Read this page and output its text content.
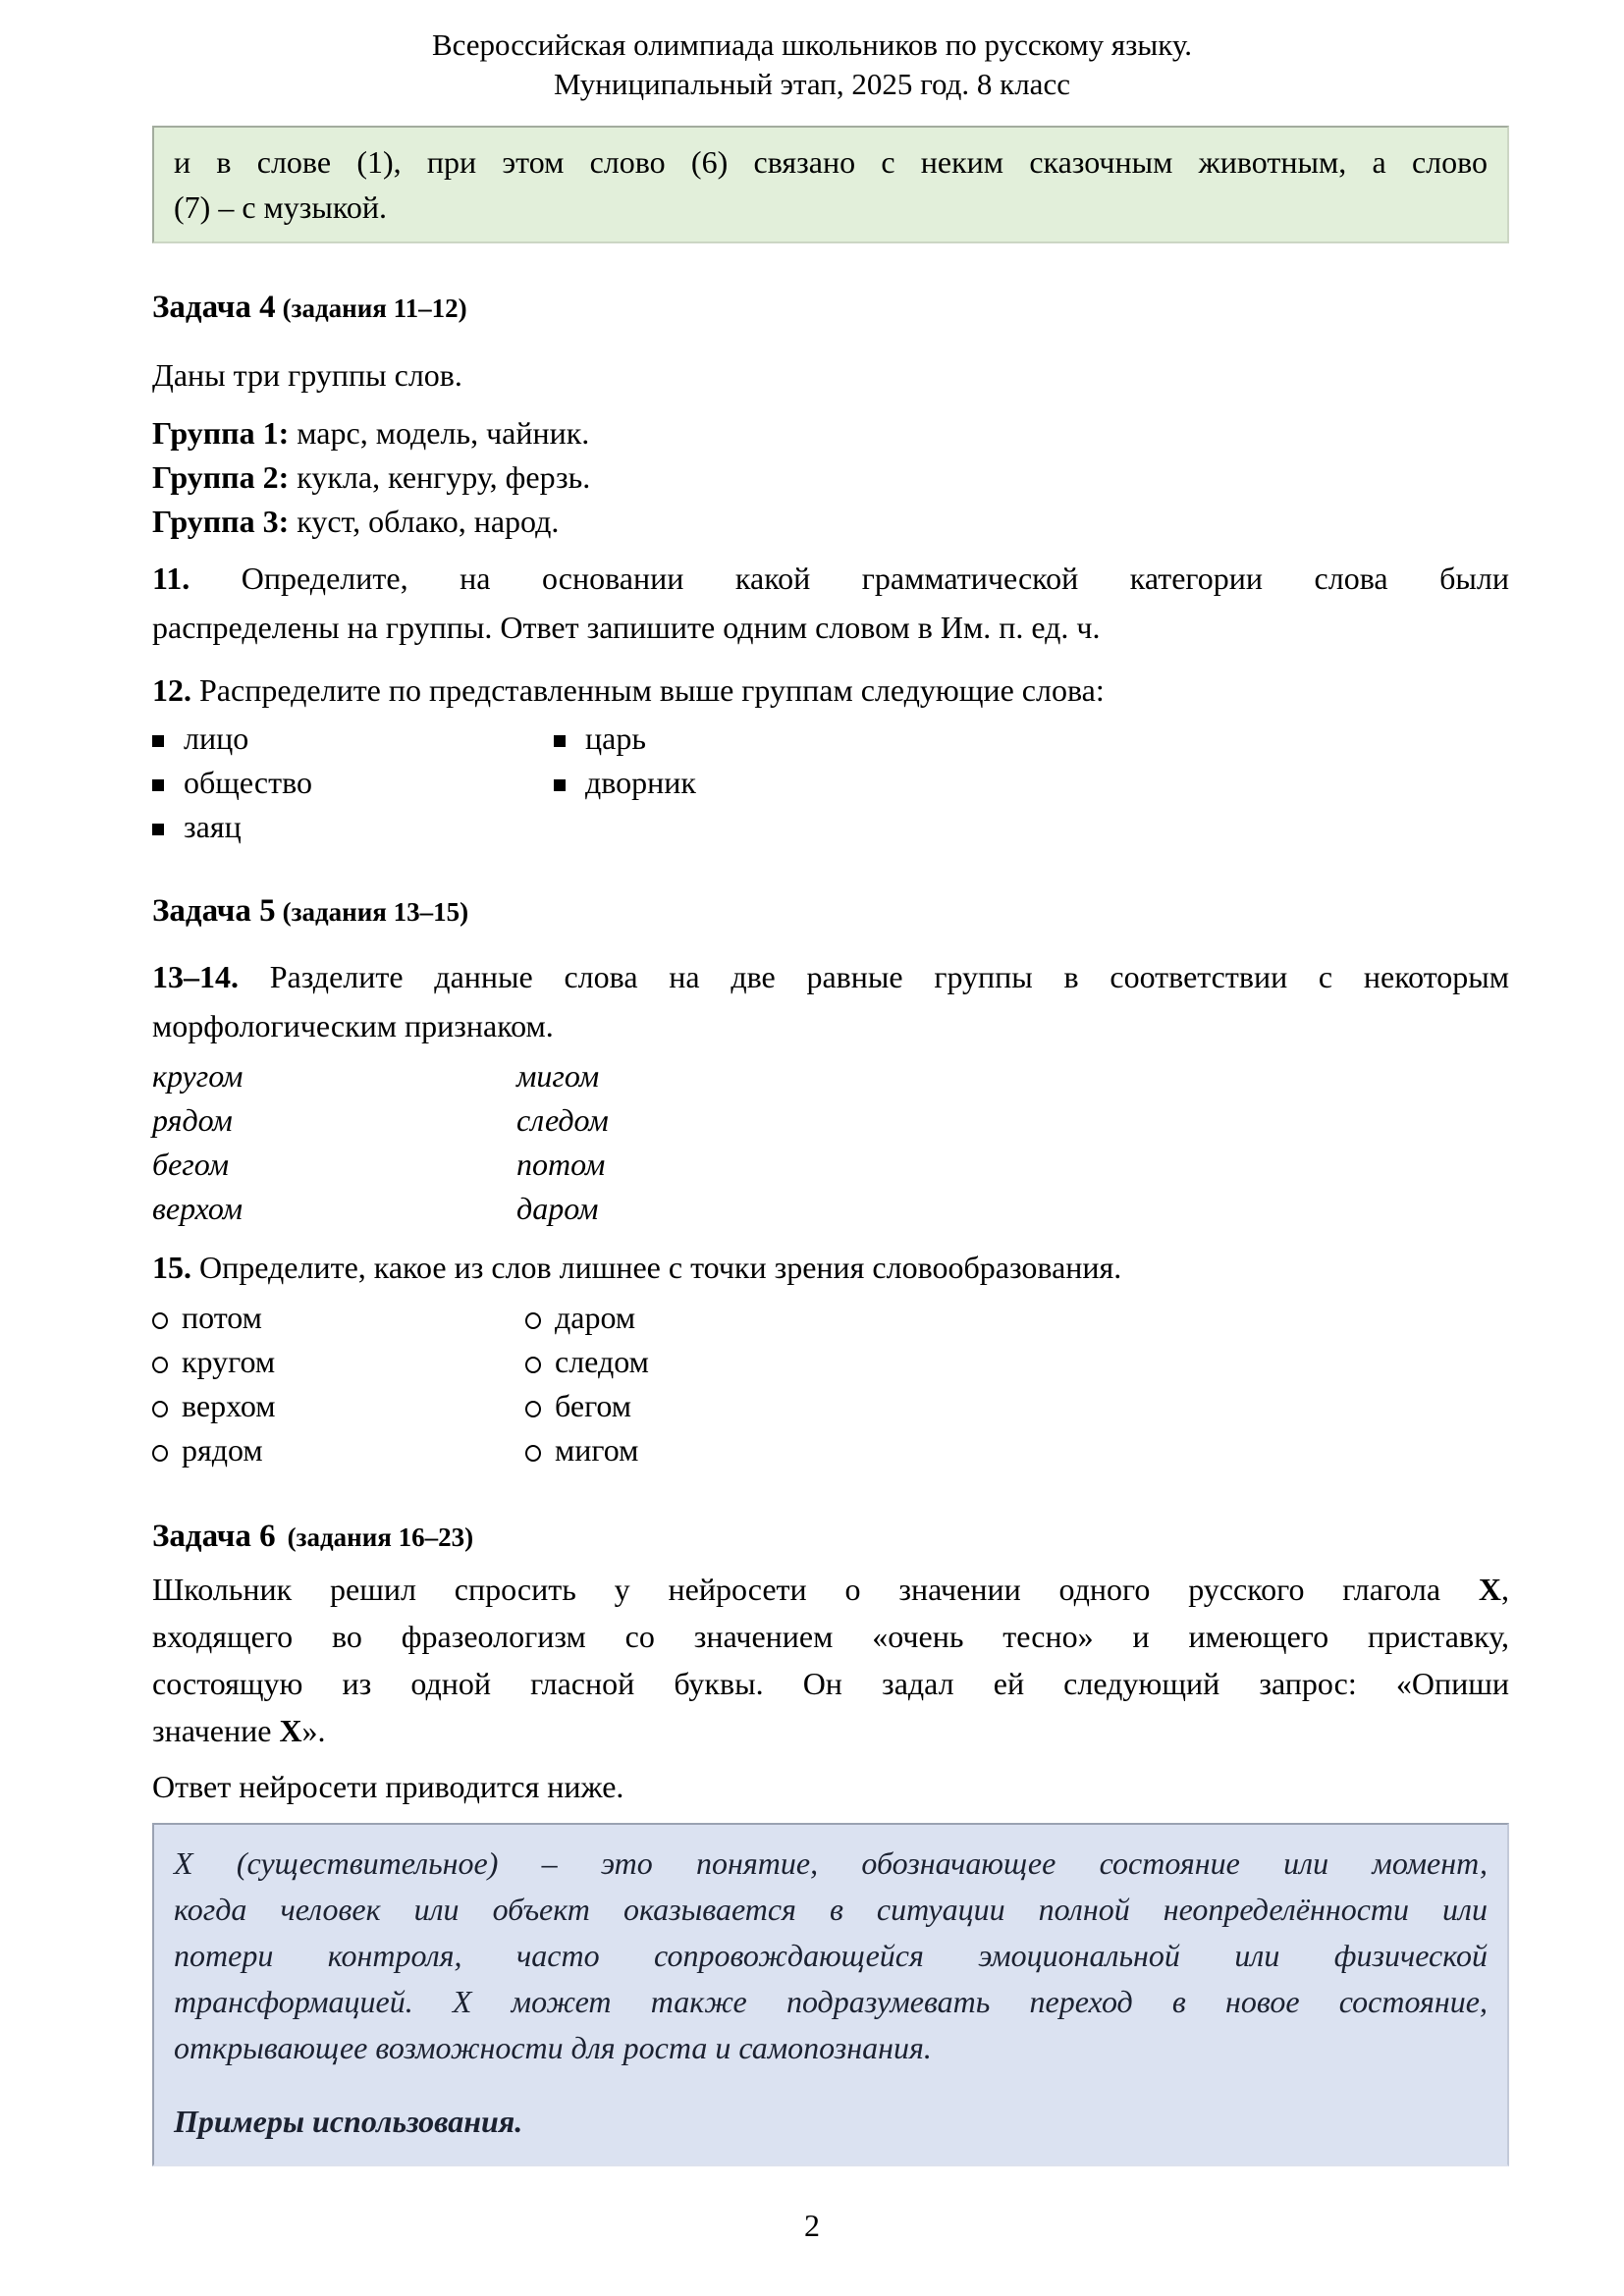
Всероссийская олимпиада школьников по русскому языку.
Муниципальный этап, 2025 год. 8 класс
и в слове (1), при этом слово (6) связано с неким сказочным животным, а слово
(7) – с музыкой.
Задача 4 (задания 11–12)

Даны три группы слов.

Группа 1: марс, модель, чайник.
Группа 2: кукла, кенгуру, ферзь.
Группа 3: куст, облако, народ.
11. Определите, на основании какой грамматической категории слова были
распределены на группы. Ответ запишите одним словом в Им. п. ед. ч.
12. Распределите по представленным выше группам следующие слова:
лицо
общество
заяц
царь
дворник
Задача 5 (задания 13–15)
13–14. Разделите данные слова на две равные группы в соответствии с некоторым
морфологическим признаком.
кругом
рядом
бегом
верхом
мигом
следом
потом
даром
15. Определите, какое из слов лишнее с точки зрения словообразования.
потом
кругом
верхом
рядом
даром
следом
бегом
мигом
Задача 6 (задания 16–23)
Школьник решил спросить у нейросети о значении одного русского глагола Х,
входящего во фразеологизм со значением «очень тесно» и имеющего приставку,
состоящую из одной гласной буквы. Он задал ей следующий запрос: «Опиши
значение Х».

Ответ нейросети приводится ниже.

Х (существительное) – это понятие, обозначающее состояние или момент,
когда человек или объект оказывается в ситуации полной неопределённости или
потери контроля, часто сопровождающейся эмоциональной или физической
трансформацией. Х может также подразумевать переход в новое состояние,
открывающее возможности для роста и самопознания.

Примеры использования.

2
